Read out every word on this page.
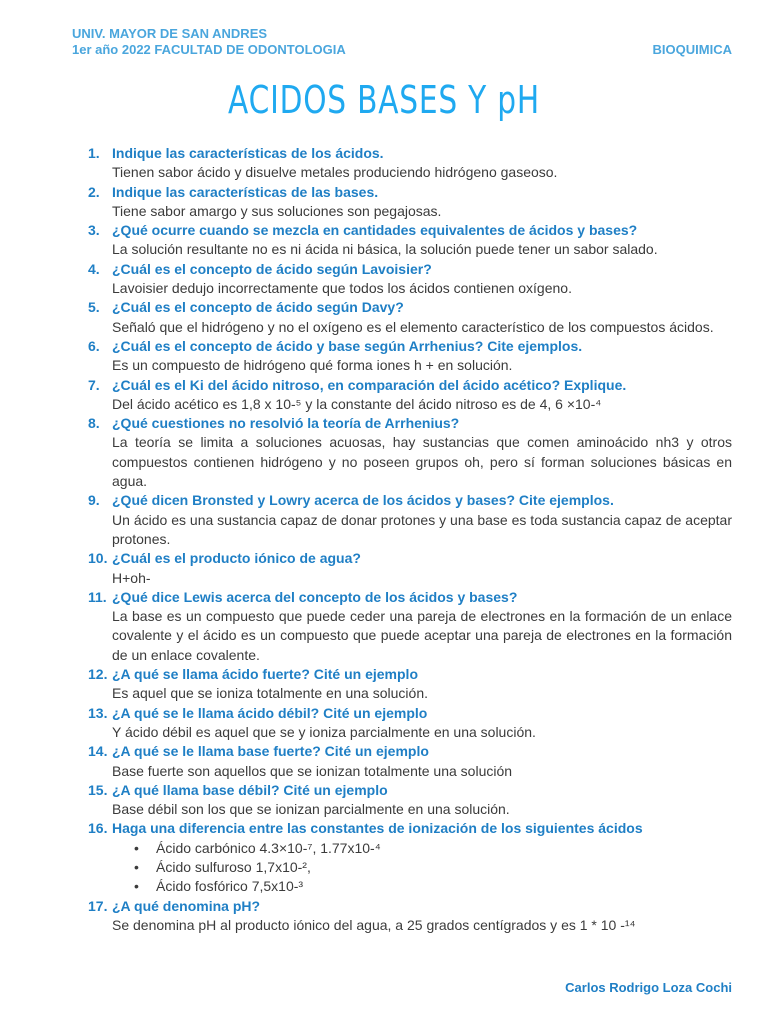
UNIV. MAYOR DE SAN ANDRES
1er año 2022 FACULTAD DE ODONTOLOGIA	BIOQUIMICA
ACIDOS BASES Y pH
1. Indique las características de los ácidos.
Tienen sabor ácido y disuelve metales produciendo hidrógeno gaseoso.
2. Indique las características de las bases.
Tiene sabor amargo y sus soluciones son pegajosas.
3. ¿Qué ocurre cuando se mezcla en cantidades equivalentes de ácidos y bases?
La solución resultante no es ni ácida ni básica, la solución puede tener un sabor salado.
4. ¿Cuál es el concepto de ácido según Lavoisier?
Lavoisier dedujo incorrectamente que todos los ácidos contienen oxígeno.
5. ¿Cuál es el concepto de ácido según Davy?
Señaló que el hidrógeno y no el oxígeno es el elemento característico de los compuestos ácidos.
6. ¿Cuál es el concepto de ácido y base según Arrhenius? Cite ejemplos.
Es un compuesto de hidrógeno qué forma iones h + en solución.
7. ¿Cuál es el Ki del ácido nitroso, en comparación del ácido acético? Explique.
Del ácido acético es 1,8 x 10-⁵ y la constante del ácido nitroso es de 4, 6 ×10-⁴
8. ¿Qué cuestiones no resolvió la teoría de Arrhenius?
La teoría se limita a soluciones acuosas, hay sustancias que comen aminoácido nh3 y otros compuestos contienen hidrógeno y no poseen grupos oh, pero sí forman soluciones básicas en agua.
9. ¿Qué dicen Bronsted y Lowry acerca de los ácidos y bases? Cite ejemplos.
Un ácido es una sustancia capaz de donar protones y una base es toda sustancia capaz de aceptar protones.
10. ¿Cuál es el producto iónico de agua?
H+oh-
11. ¿Qué dice Lewis acerca del concepto de los ácidos y bases?
La base es un compuesto que puede ceder una pareja de electrones en la formación de un enlace covalente y el ácido es un compuesto que puede aceptar una pareja de electrones en la formación de un enlace covalente.
12. ¿A qué se llama ácido fuerte? Cité un ejemplo
Es aquel que se ioniza totalmente en una solución.
13. ¿A qué se le llama ácido débil? Cité un ejemplo
Y ácido débil es aquel que se y ioniza parcialmente en una solución.
14. ¿A qué se le llama base fuerte? Cité un ejemplo
Base fuerte son aquellos que se ionizan totalmente una solución
15. ¿A qué llama base débil? Cité un ejemplo
Base débil son los que se ionizan parcialmente en una solución.
16. Haga una diferencia entre las constantes de ionización de los siguientes ácidos
• Ácido carbónico 4.3×10-⁷, 1.77x10-⁴
• Ácido sulfuroso 1,7x10-²,
• Ácido fosfórico 7,5x10-³
17. ¿A qué denomina pH?
Se denomina pH al producto iónico del agua, a 25 grados centígrados y es 1 * 10 -¹⁴
Carlos Rodrigo Loza Cochi
